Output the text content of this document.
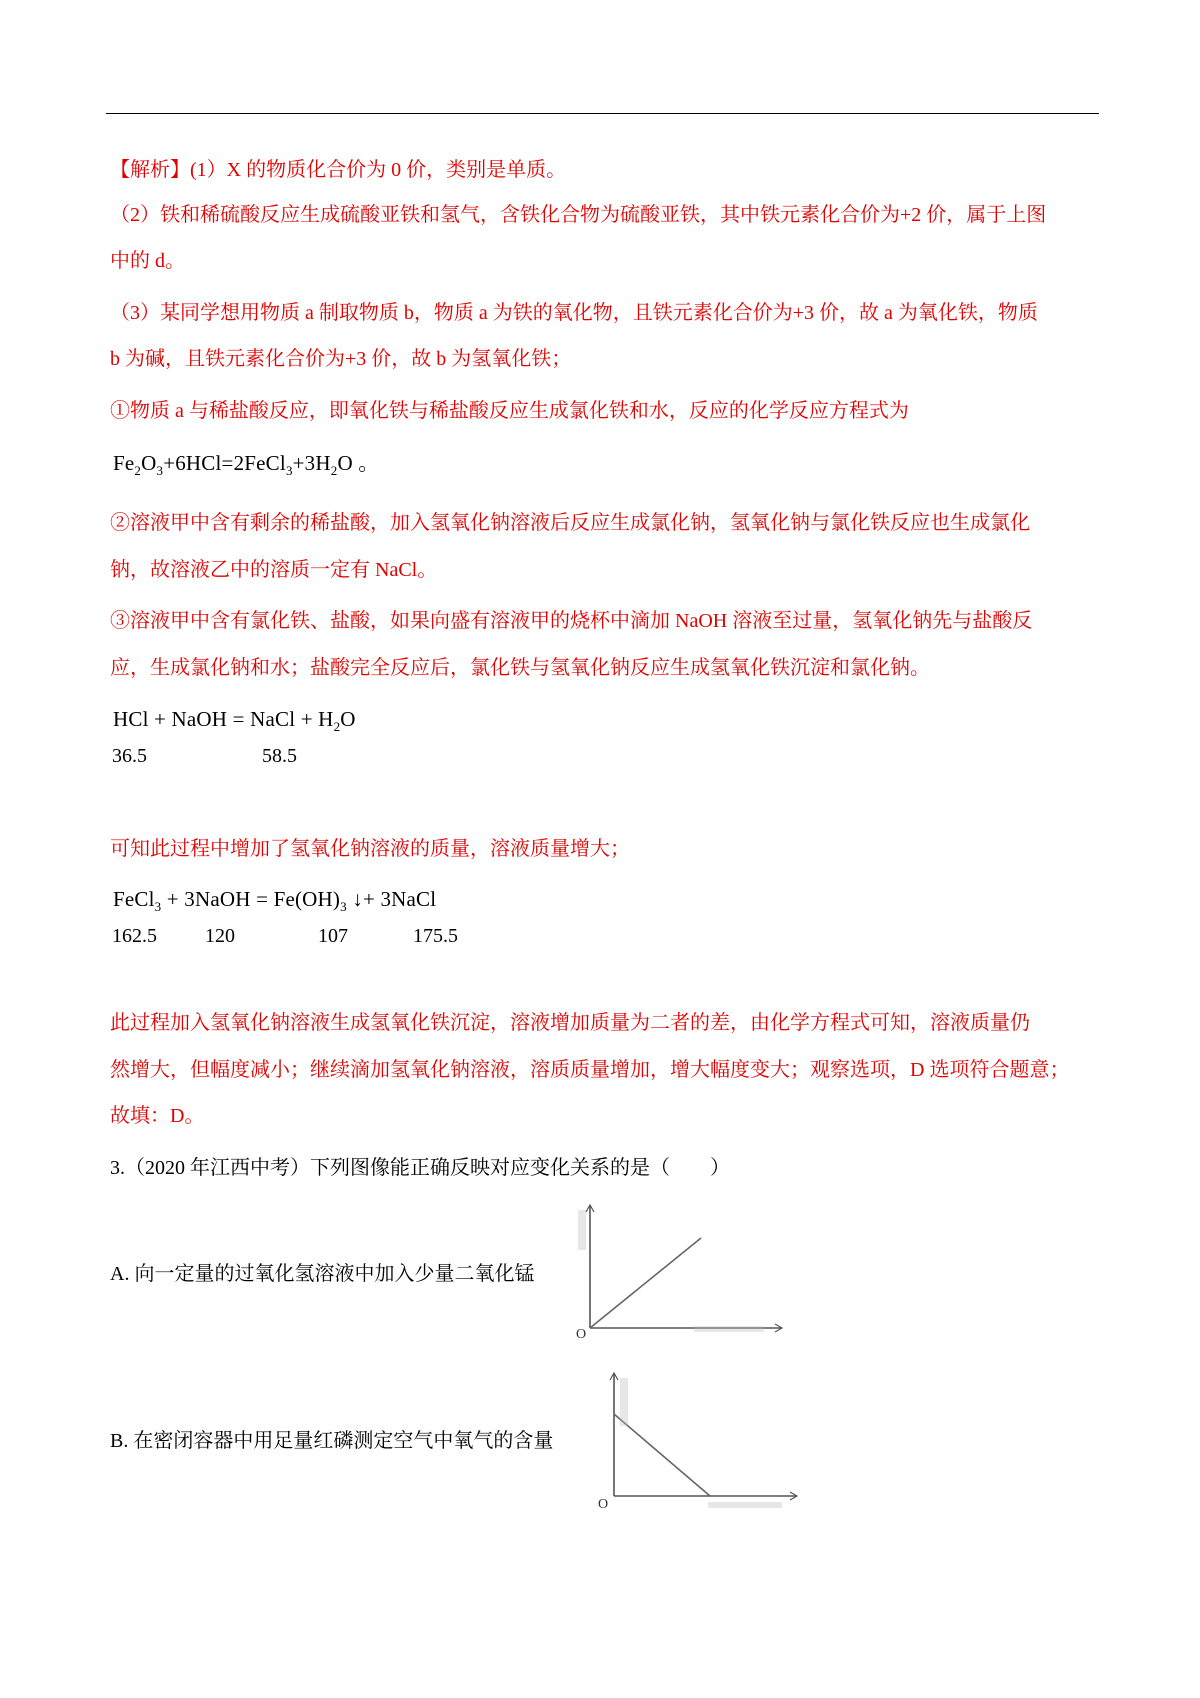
【解析】(1）X 的物质化合价为 0 价，类别是单质。
（2）铁和稀硫酸反应生成硫酸亚铁和氢气，含铁化合物为硫酸亚铁，其中铁元素化合价为+2 价，属于上图
中的 d。
（3）某同学想用物质 a 制取物质 b，物质 a 为铁的氧化物，且铁元素化合价为+3 价，故 a 为氧化铁，物质
b 为碱，且铁元素化合价为+3 价，故 b 为氢氧化铁；
①物质 a 与稀盐酸反应，即氧化铁与稀盐酸反应生成氯化铁和水，反应的化学反应方程式为
$Fe_2O_3+6HCl=2FeCl_3+3H_2O$ 。
②溶液甲中含有剩余的稀盐酸，加入氢氧化钠溶液后反应生成氯化钠，氢氧化钠与氯化铁反应也生成氯化
钠，故溶液乙中的溶质一定有 NaCl。
③溶液甲中含有氯化铁、盐酸，如果向盛有溶液甲的烧杯中滴加 NaOH 溶液至过量，氢氧化钠先与盐酸反
应，生成氯化钠和水；盐酸完全反应后，氯化铁与氢氧化钠反应生成氢氧化铁沉淀和氯化钠。
HCl + NaOH = NaCl + $H_2O$
36.5	58.5
可知此过程中增加了氢氧化钠溶液的质量，溶液质量增大；
FeCl$_3$ + 3NaOH = $Fe(OH)_3$ ↓+ 3NaCl
162.5 120	107	175.5
此过程加入氢氧化钠溶液生成氢氧化铁沉淀，溶液增加质量为二者的差，由化学方程式可知，溶液质量仍
然增大，但幅度减小；继续滴加氢氧化钠溶液，溶质质量增加，增大幅度变大；观察选项，D 选项符合题意；
故填：D。
3.（2020 年江西中考）下列图像能正确反映对应变化关系的是（　　）
A. 向一定量的过氧化氢溶液中加入少量二氧化锰
O
B. 在密闭容器中用足量红磷测定空气中氧气的含量
O
